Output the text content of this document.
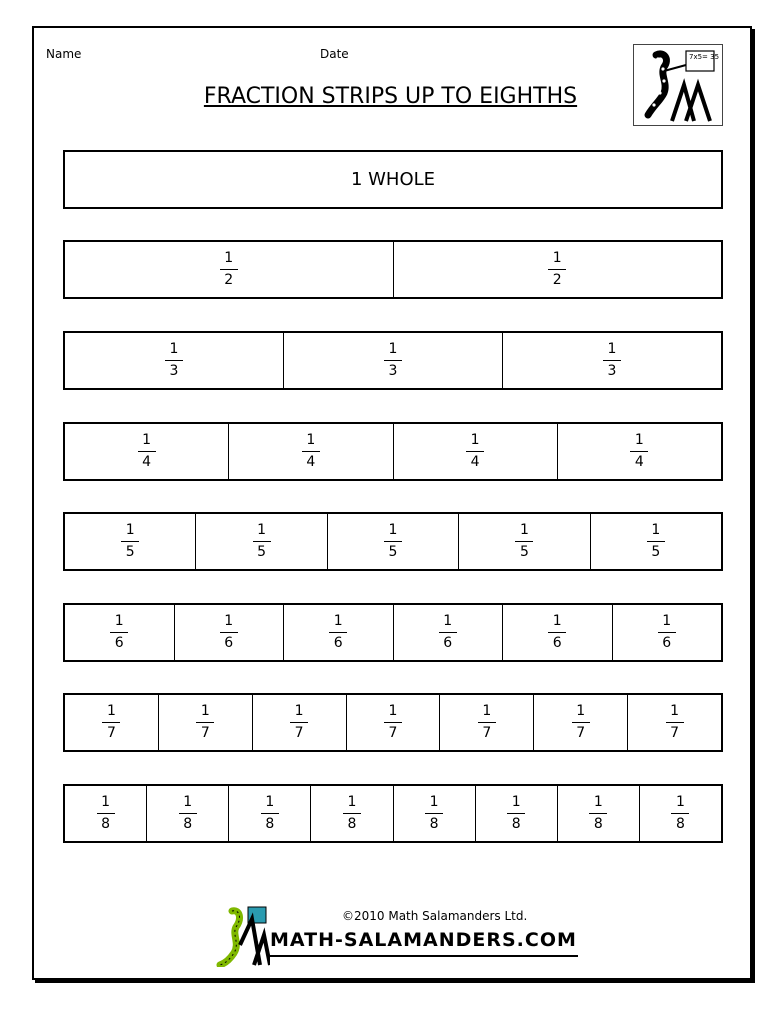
Name	Date
FRACTION STRIPS UP TO EIGHTHS
7x5= 35
1 WHOLE
$\frac{1}{2}$	$\frac{1}{2}$
$\frac{1}{3}$	$\frac{1}{3}$	$\frac{1}{3}$
$\frac{1}{4}$	$\frac{1}{4}$	$\frac{1}{4}$	$\frac{1}{4}$
$\frac{1}{5}$	$\frac{1}{5}$	$\frac{1}{5}$	$\frac{1}{5}$	$\frac{1}{5}$
$\frac{1}{6}$	$\frac{1}{6}$	$\frac{1}{6}$	$\frac{1}{6}$	$\frac{1}{6}$	$\frac{1}{6}$
$\frac{1}{7}$	$\frac{1}{7}$	$\frac{1}{7}$	$\frac{1}{7}$	$\frac{1}{7}$	$\frac{1}{7}$	$\frac{1}{7}$
$\frac{1}{8}$	$\frac{1}{8}$	$\frac{1}{8}$	$\frac{1}{8}$	$\frac{1}{8}$	$\frac{1}{8}$	$\frac{1}{8}$	$\frac{1}{8}$
©2010 Math Salamanders Ltd.
MATH-SALAMANDERS.COM
